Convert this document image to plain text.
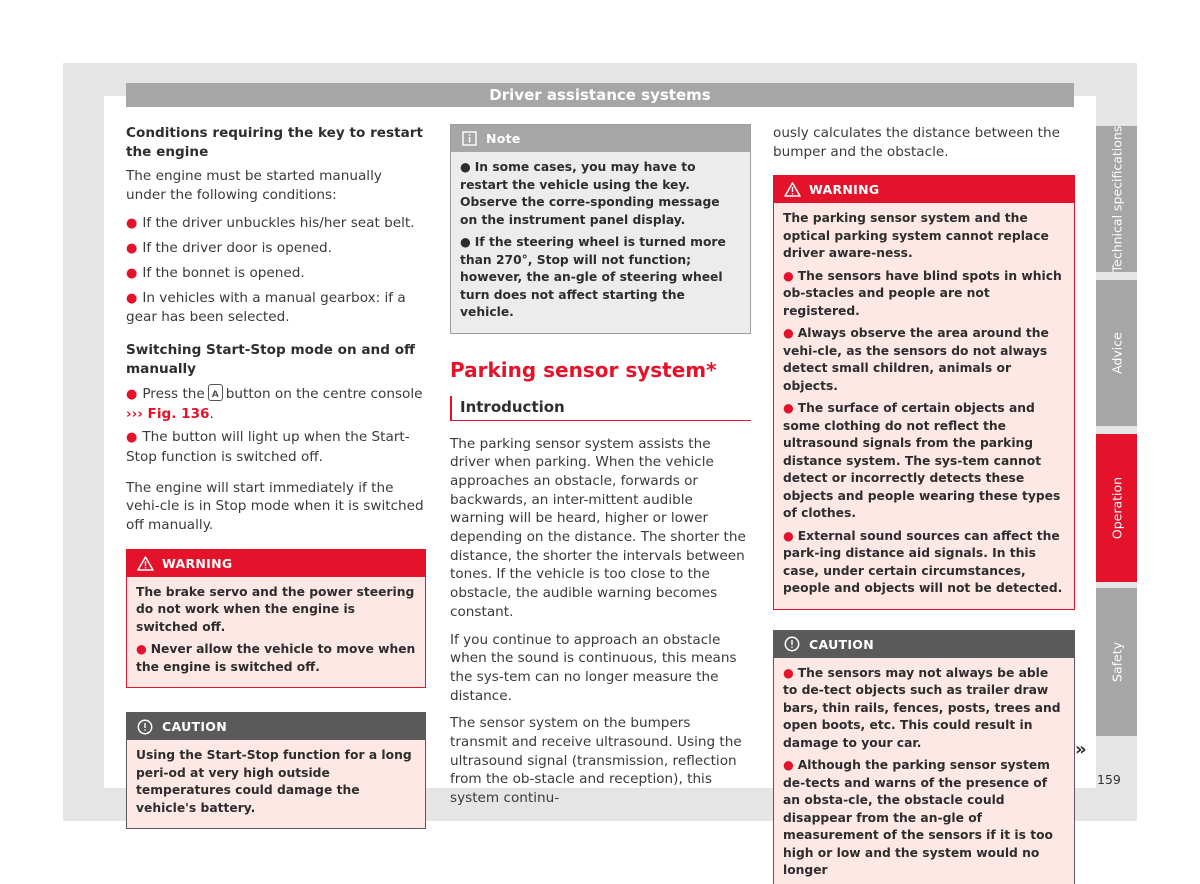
Driver assistance systems
Conditions requiring the key to restart the engine

The engine must be started manually under the following conditions:

● If the driver unbuckles his/her seat belt.

● If the driver door is opened.

● If the bonnet is opened.

● In vehicles with a manual gearbox: if a gear has been selected.

Switching Start-Stop mode on and off manually

● Press theA button on the centre console ››› Fig. 136.

● The button will light up when the Start-Stop function is switched off.

The engine will start immediately if the vehi-cle is in Stop mode when it is switched off manually.

WARNING

The brake servo and the power steering do not work when the engine is switched off.

● Never allow the vehicle to move when the engine is switched off.

CAUTION

Using the Start-Stop function for a long peri-od at very high outside temperatures could damage the vehicle's battery.

Note

● In some cases, you may have to restart the vehicle using the key. Observe the corre-sponding message on the instrument panel display.

● If the steering wheel is turned more than 270°, Stop will not function; however, the an-gle of steering wheel turn does not affect starting the vehicle.

Parking sensor system*
Introduction

The parking sensor system assists the driver when parking. When the vehicle approaches an obstacle, forwards or backwards, an inter-mittent audible warning will be heard, higher or lower depending on the distance. The shorter the distance, the shorter the intervals between tones. If the vehicle is too close to the obstacle, the audible warning becomes constant.

If you continue to approach an obstacle when the sound is continuous, this means the sys-tem can no longer measure the distance.

The sensor system on the bumpers transmit and receive ultrasound. Using the ultrasound signal (transmission, reflection from the ob-stacle and reception), this system continu-

ously calculates the distance between the bumper and the obstacle.

WARNING

The parking sensor system and the optical parking system cannot replace driver aware-ness.

● The sensors have blind spots in which ob-stacles and people are not registered.

● Always observe the area around the vehi-cle, as the sensors do not always detect small children, animals or objects.

● The surface of certain objects and some clothing do not reflect the ultrasound signals from the parking distance system. The sys-tem cannot detect or incorrectly detects these objects and people wearing these types of clothes.

● External sound sources can affect the park-ing distance aid signals. In this case, under certain circumstances, people and objects will not be detected.

CAUTION

● The sensors may not always be able to de-tect objects such as trailer draw bars, thin rails, fences, posts, trees and open boots, etc. This could result in damage to your car.

● Although the parking sensor system de-tects and warns of the presence of an obsta-cle, the obstacle could disappear from the an-gle of measurement of the sensors if it is too high or low and the system would no longer

»
Technical specifications
Advice
Operation
Safety
159
